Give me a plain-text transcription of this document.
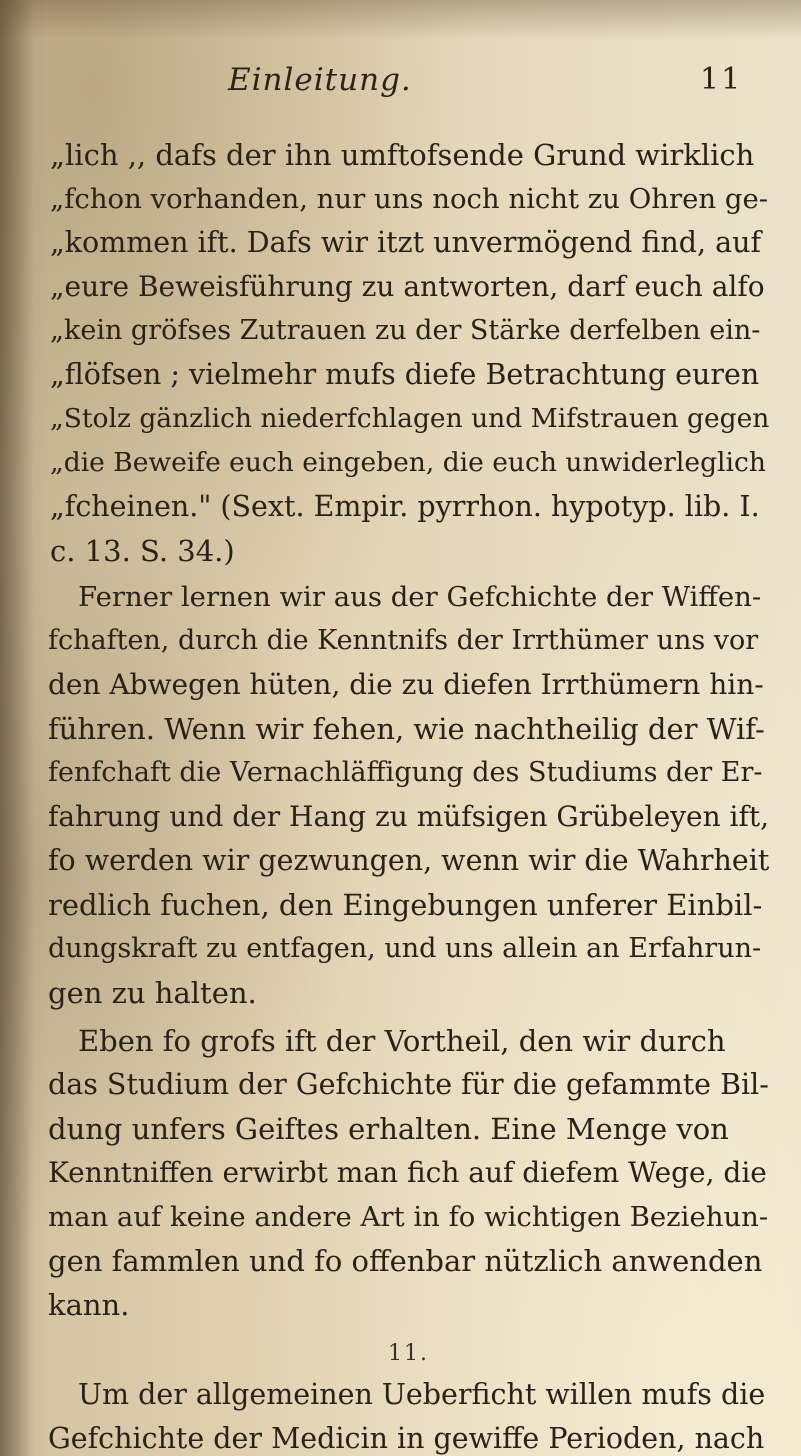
Einleitung.	11
„lich ,, dafs der ihn umftofsende Grund wirklich
„fchon vorhanden, nur uns noch nicht zu Ohren ge-
„kommen ift. Dafs wir itzt unvermögend find, auf
„eure Beweisführung zu antworten, darf euch alfo
„kein gröfses Zutrauen zu der Stärke derfelben ein-
„flöfsen ; vielmehr mufs diefe Betrachtung euren
„Stolz gänzlich niederfchlagen und Mifstrauen gegen
„die Beweife euch eingeben, die euch unwiderleglich
„fcheinen." (Sext. Empir. pyrrhon. hypotyp. lib. I.
c. 13. S. 34.)
Ferner lernen wir aus der Gefchichte der Wiffen-
fchaften, durch die Kenntnifs der Irrthümer uns vor
den Abwegen hüten, die zu diefen Irrthümern hin-
führen. Wenn wir fehen, wie nachtheilig der Wif-
fenfchaft die Vernachläffigung des Studiums der Er-
fahrung und der Hang zu müfsigen Grübeleyen ift,
fo werden wir gezwungen, wenn wir die Wahrheit
redlich fuchen, den Eingebungen unferer Einbil-
dungskraft zu entfagen, und uns allein an Erfahrun-
gen zu halten.
Eben fo grofs ift der Vortheil, den wir durch
das Studium der Gefchichte für die gefammte Bil-
dung unfers Geiftes erhalten. Eine Menge von
Kenntniffen erwirbt man fich auf diefem Wege, die
man auf keine andere Art in fo wichtigen Beziehun-
gen fammlen und fo offenbar nützlich anwenden
kann.
11.
Um der allgemeinen Ueberficht willen mufs die
Gefchichte der Medicin in gewiffe Perioden, nach
